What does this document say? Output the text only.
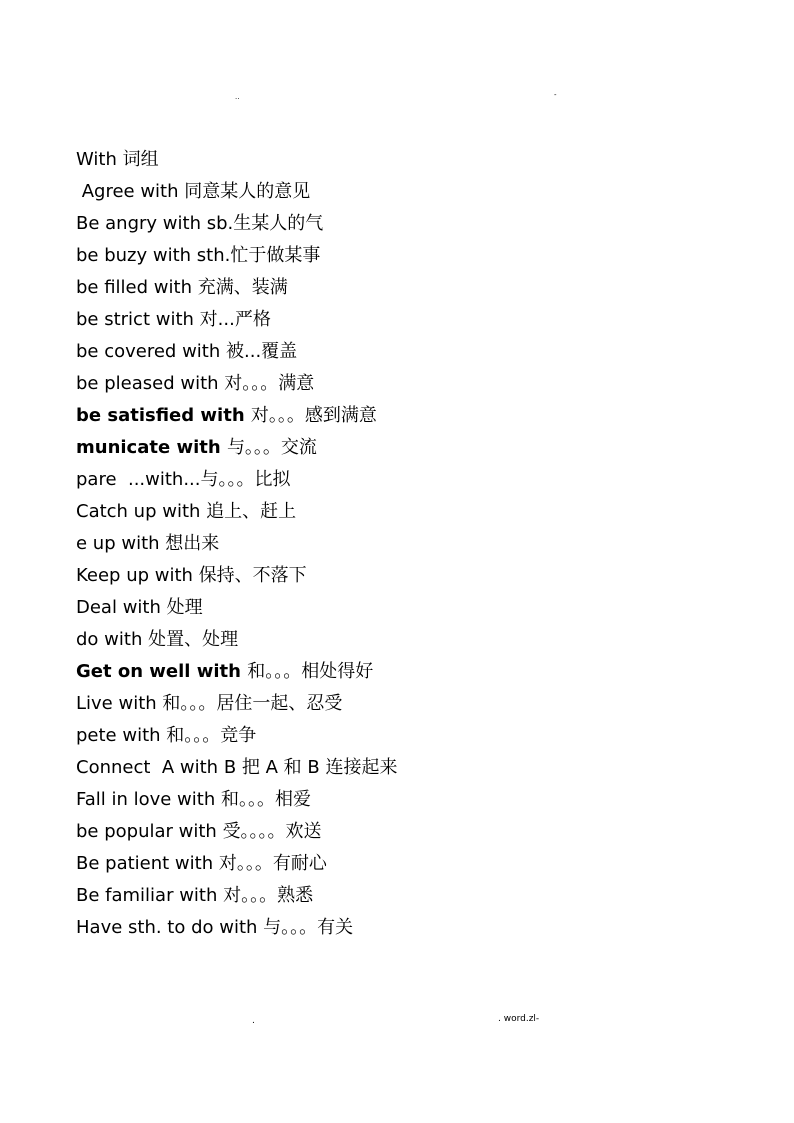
..	-
With 词组
Agree with 同意某人的意见
Be angry with sb.生某人的气
be buzy with sth.忙于做某事
be filled with 充满、装满
be strict with 对...严格
be covered with 被...覆盖
be pleased with 对。。。满意
be satisfied with 对。。。感到满意
municate with 与。。。交流
pare  ...with...与。。。比拟
Catch up with 追上、赶上
e up with 想出来
Keep up with 保持、不落下
Deal with 处理
do with 处置、处理
Get on well with 和。。。相处得好
Live with 和。。。居住一起、忍受
pete with 和。。。竞争
Connect  A with B 把 A 和 B 连接起来
Fall in love with 和。。。相爱
be popular with 受。。。。欢送
Be patient with 对。。。有耐心
Be familiar with 对。。。熟悉
Have sth. to do with 与。。。有关
.	. word.zl-
